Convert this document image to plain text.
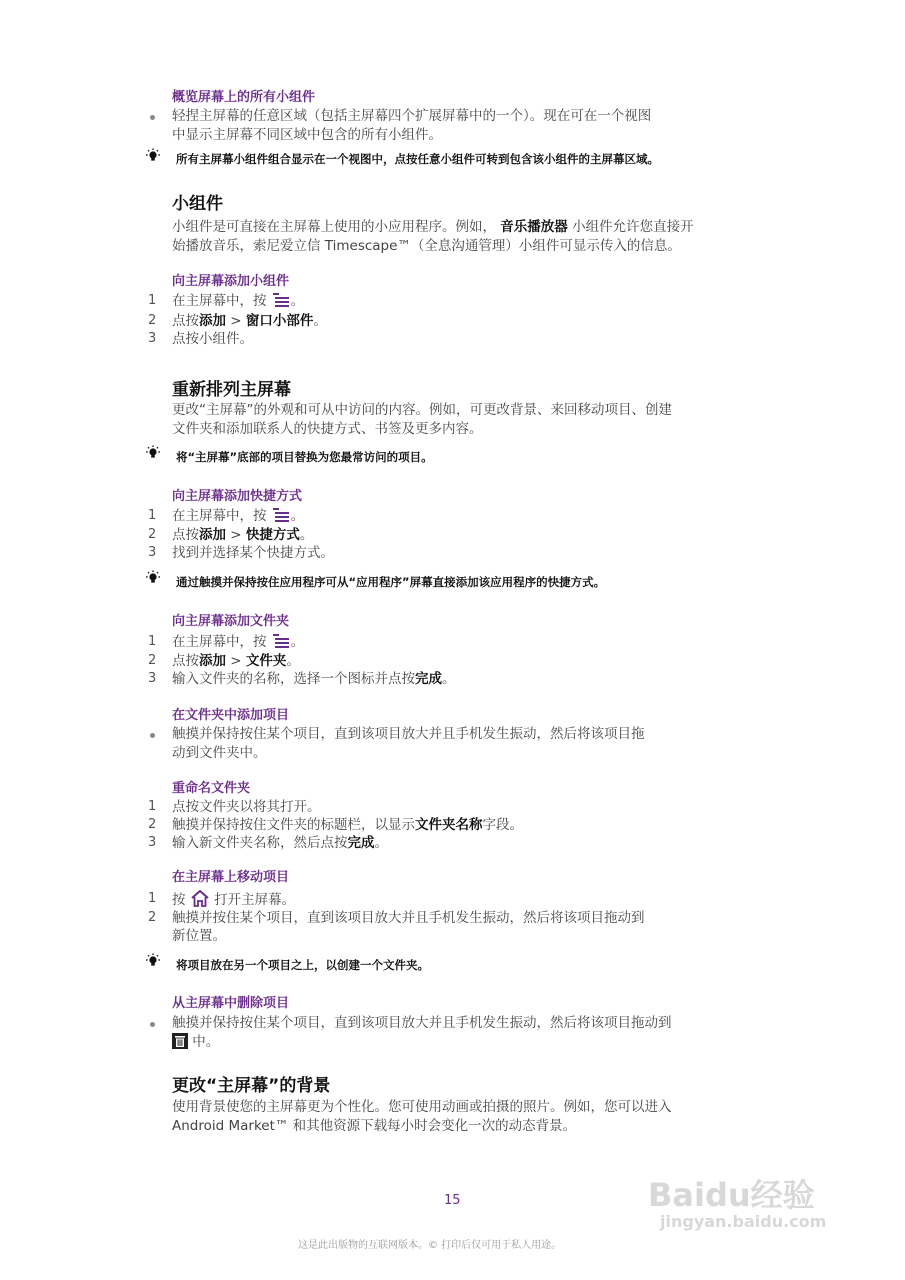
概览屏幕上的所有小组件
轻捏主屏幕的任意区域（包括主屏幕四个扩展屏幕中的一个）。现在可在一个视图
中显示主屏幕不同区域中包含的所有小组件。
所有主屏幕小组件组合显示在一个视图中，点按任意小组件可转到包含该小组件的主屏幕区域。
小组件
小组件是可直接在主屏幕上使用的小应用程序。例如， 音乐播放器 小组件允许您直接开
始播放音乐，索尼爱立信 Timescape™（全息沟通管理）小组件可显示传入的信息。
向主屏幕添加小组件
1 在主屏幕中，按 。
2 点按添加 > 窗口小部件。
3 点按小组件。
重新排列主屏幕
更改“主屏幕”的外观和可从中访问的内容。例如，可更改背景、来回移动项目、创建
文件夹和添加联系人的快捷方式、书签及更多内容。
将“主屏幕”底部的项目替换为您最常访问的项目。
向主屏幕添加快捷方式
1 在主屏幕中，按 。
2 点按添加 > 快捷方式。
3 找到并选择某个快捷方式。
通过触摸并保持按住应用程序可从“应用程序”屏幕直接添加该应用程序的快捷方式。
向主屏幕添加文件夹
1 在主屏幕中，按 。
2 点按添加 > 文件夹。
3 输入文件夹的名称，选择一个图标并点按完成。
在文件夹中添加项目
触摸并保持按住某个项目，直到该项目放大并且手机发生振动，然后将该项目拖
动到文件夹中。
重命名文件夹
1 点按文件夹以将其打开。
2 触摸并保持按住文件夹的标题栏，以显示文件夹名称字段。
3 输入新文件夹名称，然后点按完成。
在主屏幕上移动项目
1 按 打开主屏幕。
2 触摸并按住某个项目，直到该项目放大并且手机发生振动，然后将该项目拖动到
新位置。
将项目放在另一个项目之上，以创建一个文件夹。
从主屏幕中删除项目
触摸并保持按住某个项目，直到该项目放大并且手机发生振动，然后将该项目拖动到
中。
更改“主屏幕”的背景
使用背景使您的主屏幕更为个性化。您可使用动画或拍摄的照片。例如，您可以进入
Android Market™ 和其他资源下载每小时会变化一次的动态背景。
15
这是此出版物的互联网版本。© 打印后仅可用于私人用途。
Baidu经验
jingyan.baidu.com
